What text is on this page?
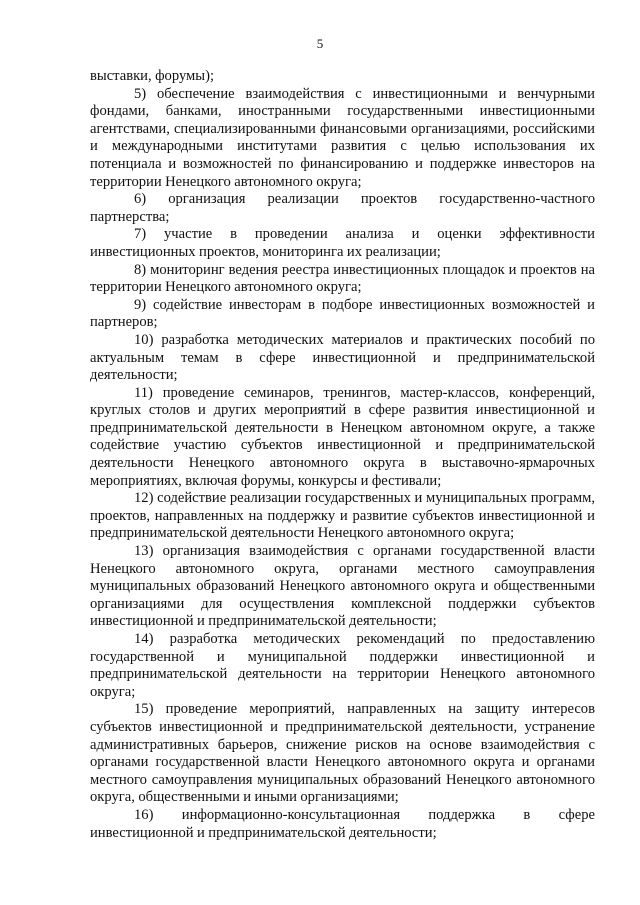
5

выставки, форумы);

5) обеспечение взаимодействия с инвестиционными и венчурными фондами, банками, иностранными государственными инвестиционными агентствами, специализированными финансовыми организациями, российскими и международными институтами развития с целью использования их потенциала и возможностей по финансированию и поддержке инвесторов на территории Ненецкого автономного округа;

6) организация реализации проектов государственно-частного партнерства;

7) участие в проведении анализа и оценки эффективности инвестиционных проектов, мониторинга их реализации;

8) мониторинг ведения реестра инвестиционных площадок и проектов на территории Ненецкого автономного округа;

9) содействие инвесторам в подборе инвестиционных возможностей и партнеров;

10) разработка методических материалов и практических пособий по актуальным темам в сфере инвестиционной и предпринимательской деятельности;

11) проведение семинаров, тренингов, мастер-классов, конференций, круглых столов и других мероприятий в сфере развития инвестиционной и предпринимательской деятельности в Ненецком автономном округе, а также содействие участию субъектов инвестиционной и предпринимательской деятельности Ненецкого автономного округа в выставочно-ярмарочных мероприятиях, включая форумы, конкурсы и фестивали;

12) содействие реализации государственных и муниципальных программ, проектов, направленных на поддержку и развитие субъектов инвестиционной и предпринимательской деятельности Ненецкого автономного округа;

13) организация взаимодействия с органами государственной власти Ненецкого автономного округа, органами местного самоуправления муниципальных образований Ненецкого автономного округа и общественными организациями для осуществления комплексной поддержки субъектов инвестиционной и предпринимательской деятельности;

14) разработка методических рекомендаций по предоставлению государственной и муниципальной поддержки инвестиционной и предпринимательской деятельности на территории Ненецкого автономного округа;

15) проведение мероприятий, направленных на защиту интересов субъектов инвестиционной и предпринимательской деятельности, устранение административных барьеров, снижение рисков на основе взаимодействия с органами государственной власти Ненецкого автономного округа и органами местного самоуправления муниципальных образований Ненецкого автономного округа, общественными и иными организациями;

16) информационно-консультационная поддержка в сфере инвестиционной и предпринимательской деятельности;
